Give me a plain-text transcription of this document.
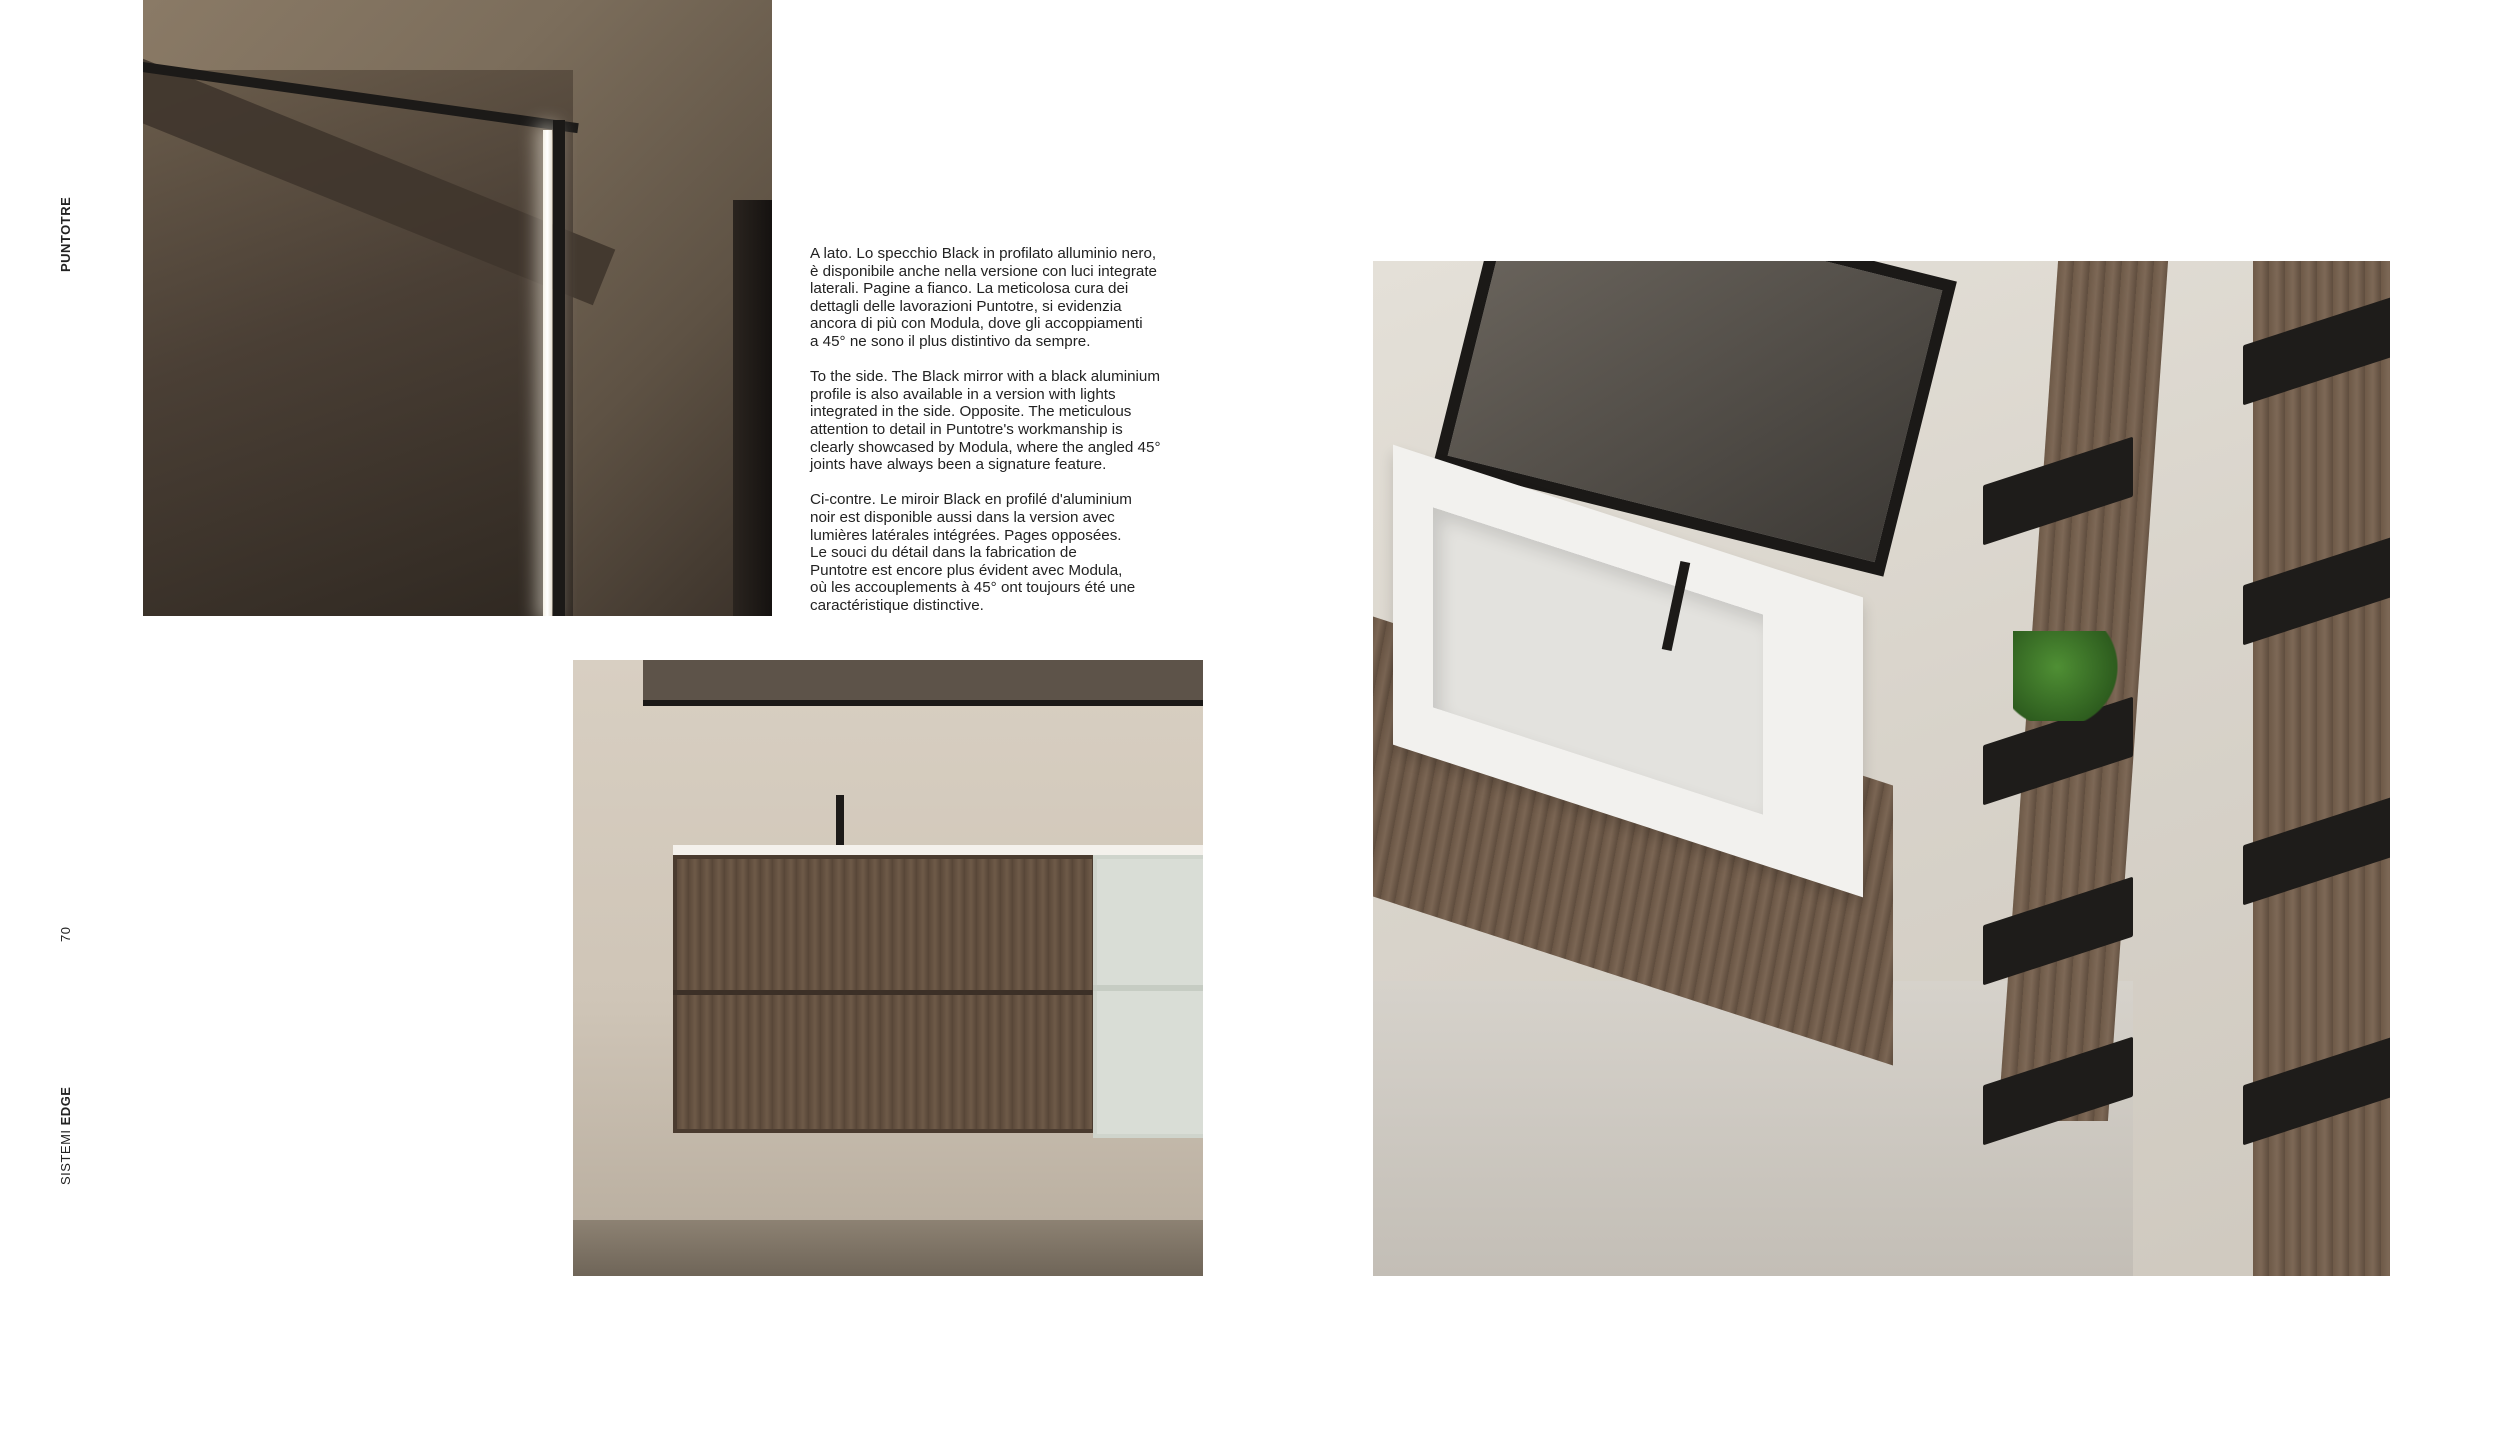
PUNTOTRE
70
SISTEMI EDGE

A lato. Lo specchio Black in profilato alluminio nero,
è disponibile anche nella versione con luci integrate
laterali. Pagine a fianco. La meticolosa cura dei
dettagli delle lavorazioni Puntotre, si evidenzia
ancora di più con Modula, dove gli accoppiamenti
a 45° ne sono il plus distintivo da sempre.

To the side. The Black mirror with a black aluminium
profile is also available in a version with lights
integrated in the side. Opposite. The meticulous
attention to detail in Puntotre's workmanship is
clearly showcased by Modula, where the angled 45°
joints have always been a signature feature.

Ci-contre. Le miroir Black en profilé d'aluminium
noir est disponible aussi dans la version avec
lumières latérales intégrées. Pages opposées.
Le souci du détail dans la fabrication de
Puntotre est encore plus évident avec Modula,
où les accouplements à 45° ont toujours été une
caractéristique distinctive.
